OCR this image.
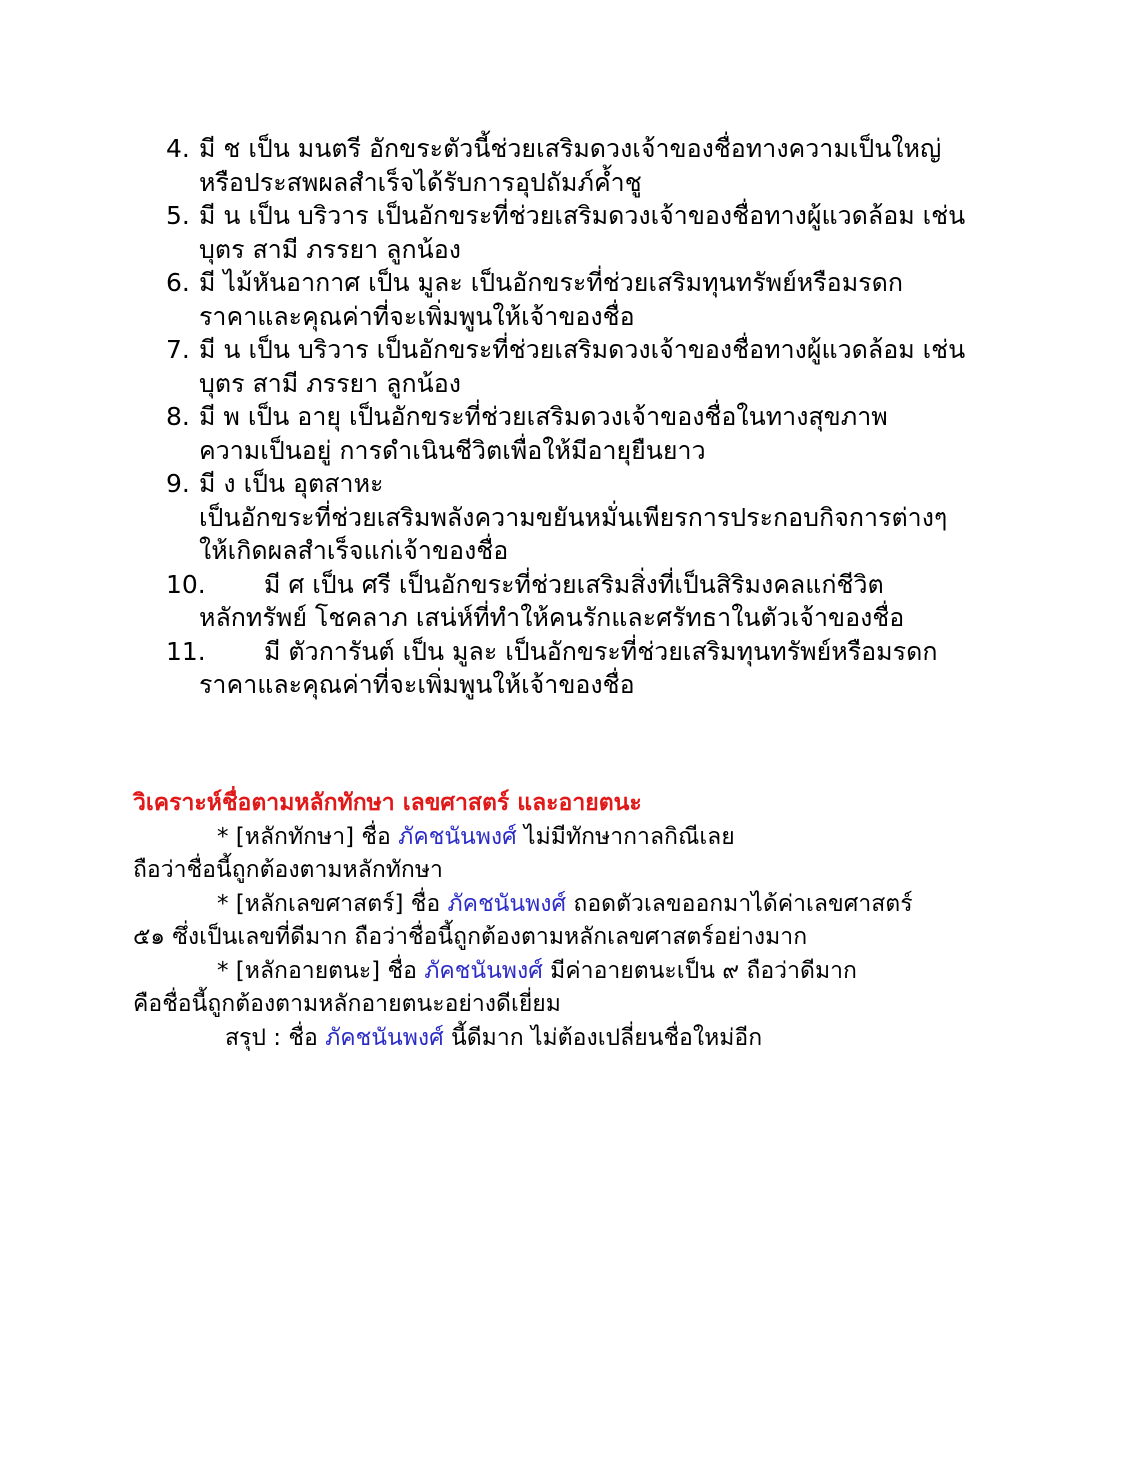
4. มี ช เป็น มนตรี อักขระตัวนี้ช่วยเสริมดวงเจ้าของชื่อทางความเป็นใหญ่
หรือประสพผลสำเร็จได้รับการอุปถัมภ์ค้ำชู
5. มี น เป็น บริวาร เป็นอักขระที่ช่วยเสริมดวงเจ้าของชื่อทางผู้แวดล้อม เช่น
บุตร สามี ภรรยา ลูกน้อง
6. มี ไม้หันอากาศ เป็น มูละ เป็นอักขระที่ช่วยเสริมทุนทรัพย์หรือมรดก
ราคาและคุณค่าที่จะเพิ่มพูนให้เจ้าของชื่อ
7. มี น เป็น บริวาร เป็นอักขระที่ช่วยเสริมดวงเจ้าของชื่อทางผู้แวดล้อม เช่น
บุตร สามี ภรรยา ลูกน้อง
8. มี พ เป็น อายุ เป็นอักขระที่ช่วยเสริมดวงเจ้าของชื่อในทางสุขภาพ
ความเป็นอยู่ การดำเนินชีวิตเพื่อให้มีอายุยืนยาว
9. มี ง เป็น อุตสาหะ
เป็นอักขระที่ช่วยเสริมพลังความขยันหมั่นเพียรการประกอบกิจการต่างๆ
ให้เกิดผลสำเร็จแก่เจ้าของชื่อ
10.	มี ศ เป็น ศรี เป็นอักขระที่ช่วยเสริมสิ่งที่เป็นสิริมงคลแก่ชีวิต
หลักทรัพย์ โชคลาภ เสน่ห์ที่ทำให้คนรักและศรัทธาในตัวเจ้าของชื่อ
11.	มี ตัวการันต์ เป็น มูละ เป็นอักขระที่ช่วยเสริมทุนทรัพย์หรือมรดก
ราคาและคุณค่าที่จะเพิ่มพูนให้เจ้าของชื่อ
วิเคราะห์ชื่อตามหลักทักษา เลขศาสตร์ และอายตนะ
* [หลักทักษา] ชื่อ ภัคชนันพงศ์ ไม่มีทักษากาลกิณีเลย
ถือว่าชื่อนี้ถูกต้องตามหลักทักษา
* [หลักเลขศาสตร์] ชื่อ ภัคชนันพงศ์ ถอดตัวเลขออกมาได้ค่าเลขศาสตร์
๕๑ ซึ่งเป็นเลขที่ดีมาก ถือว่าชื่อนี้ถูกต้องตามหลักเลขศาสตร์อย่างมาก
* [หลักอายตนะ] ชื่อ ภัคชนันพงศ์ มีค่าอายตนะเป็น ๙ ถือว่าดีมาก
คือชื่อนี้ถูกต้องตามหลักอายตนะอย่างดีเยี่ยม
สรุป : ชื่อ ภัคชนันพงศ์ นี้ดีมาก ไม่ต้องเปลี่ยนชื่อใหม่อีก
